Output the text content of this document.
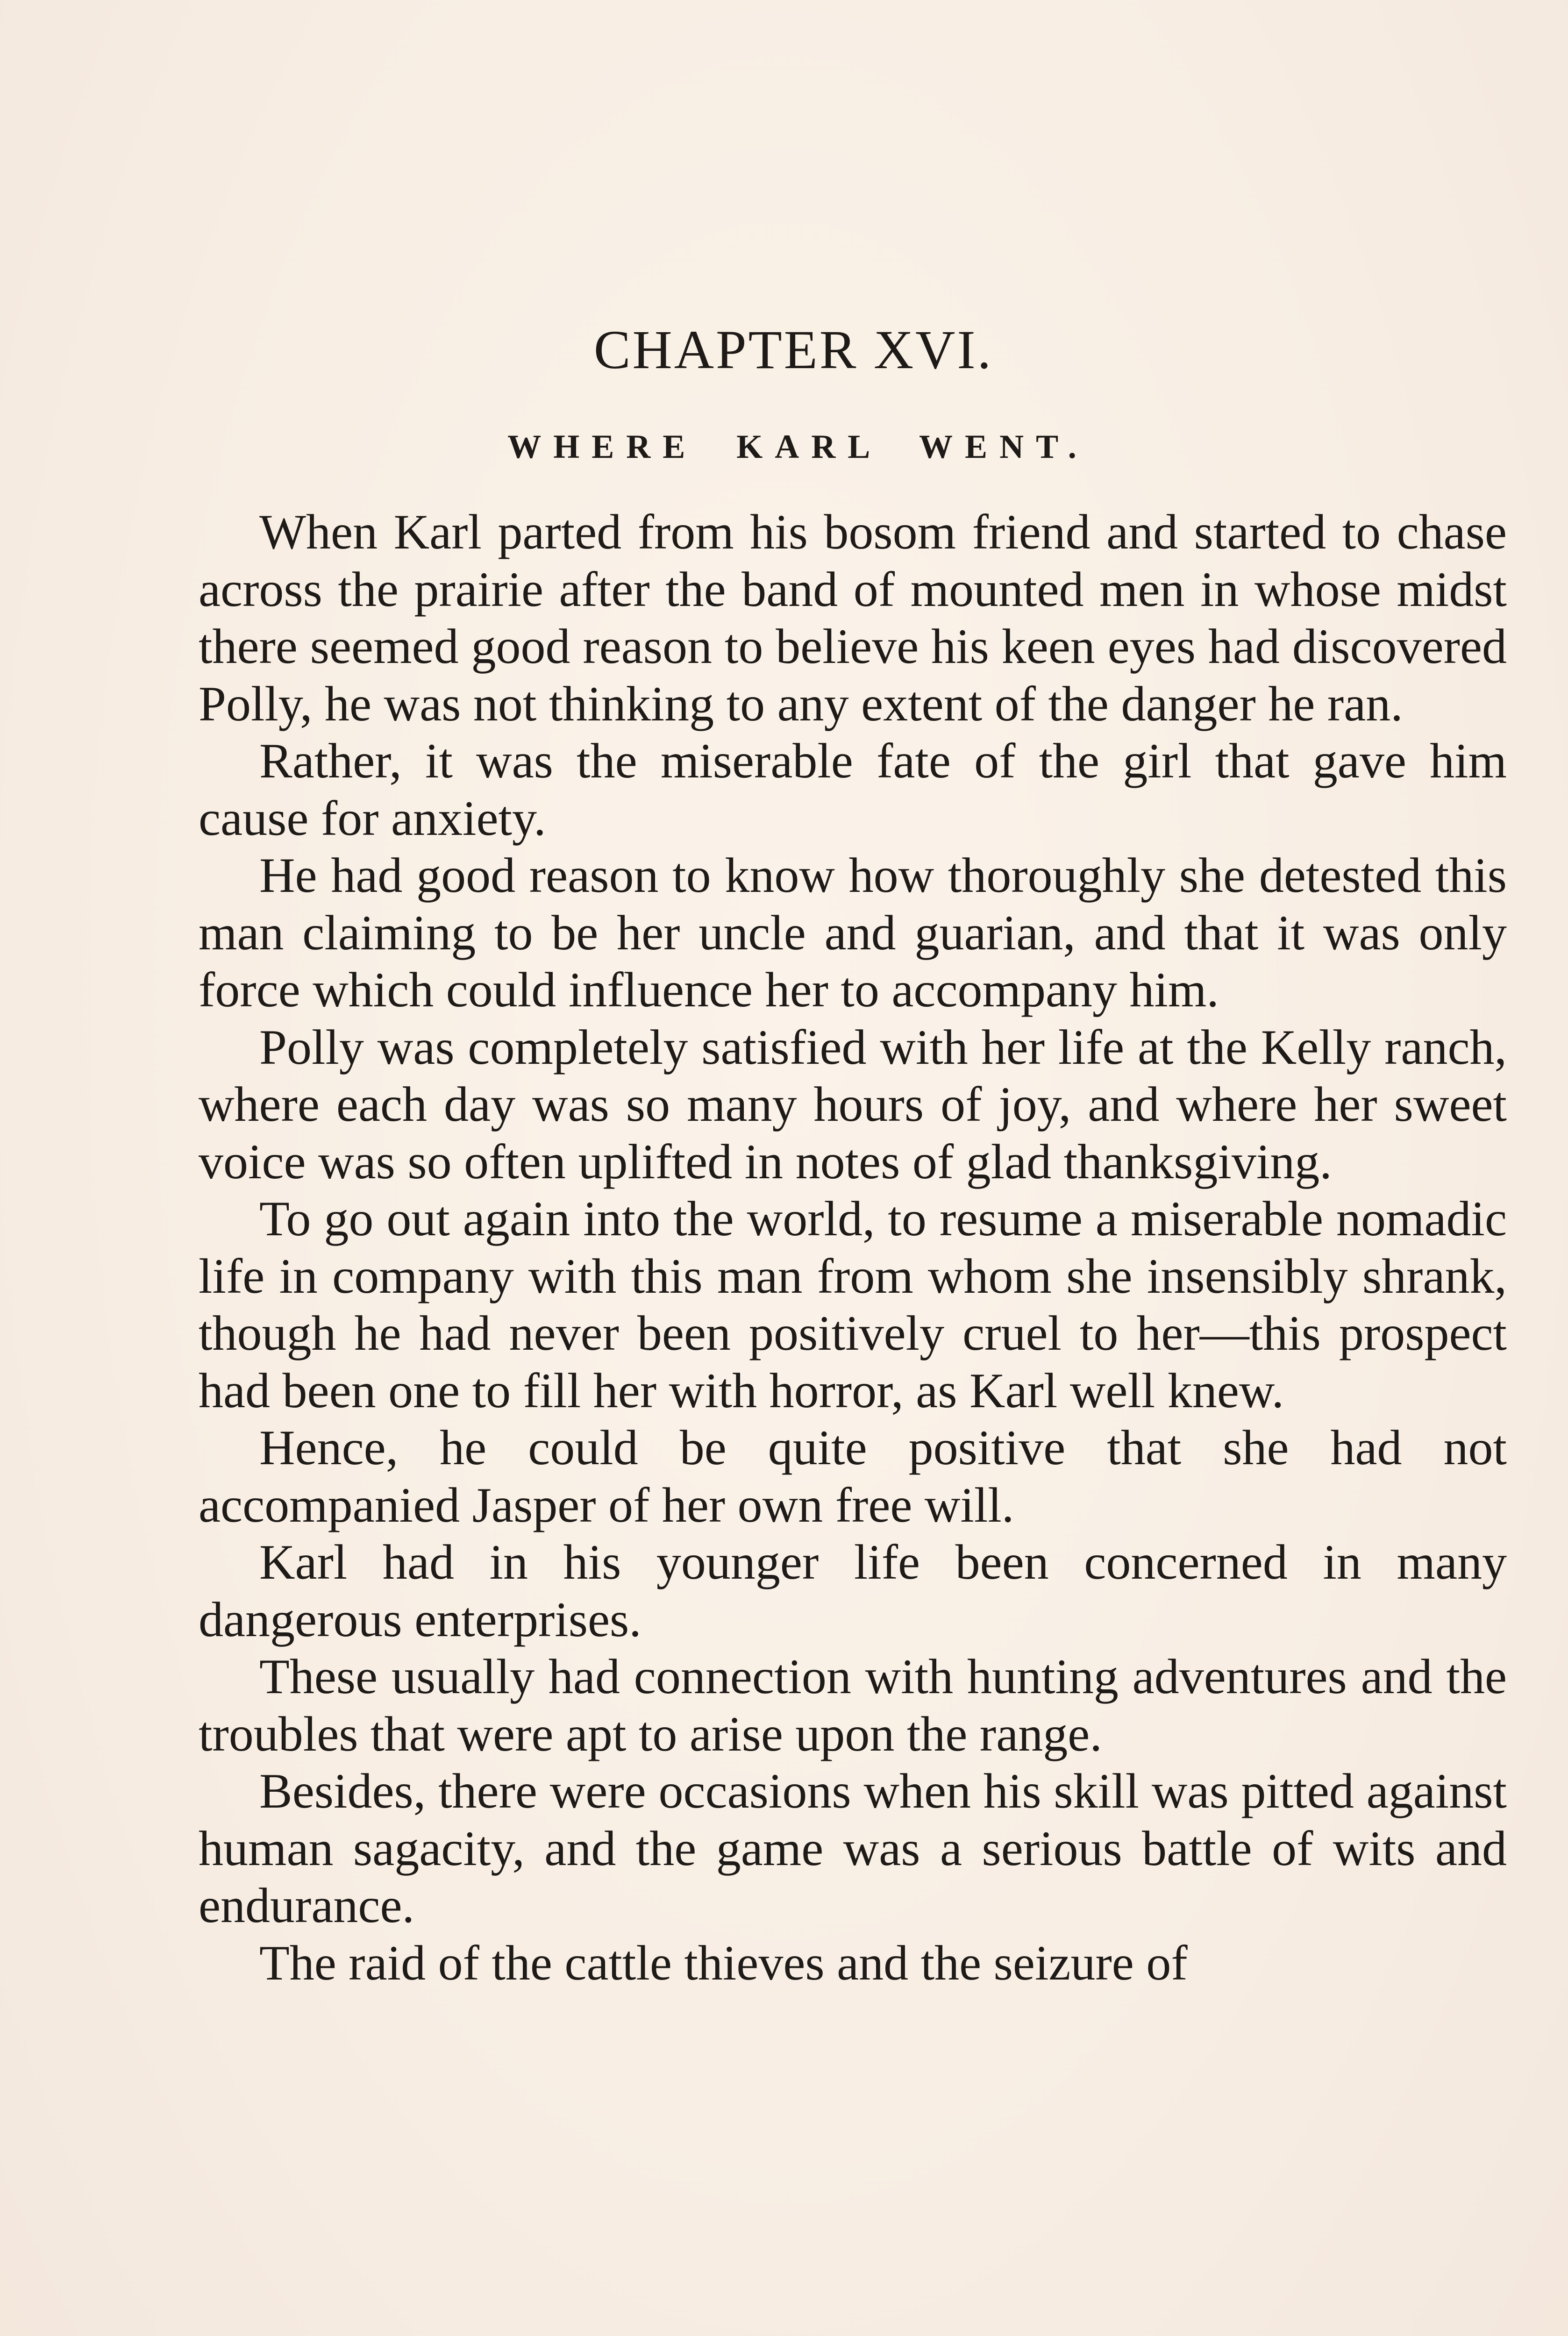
CHAPTER XVI.
WHERE KARL WENT.

When Karl parted from his bosom friend and started to chase across the prairie after the band of mounted men in whose midst there seemed good reason to believe his keen eyes had discovered Polly, he was not thinking to any extent of the danger he ran.

Rather, it was the miserable fate of the girl that gave him cause for anxiety.

He had good reason to know how thoroughly she detested this man claiming to be her uncle and guarian, and that it was only force which could influence her to accompany him.

Polly was completely satisfied with her life at the Kelly ranch, where each day was so many hours of joy, and where her sweet voice was so often uplifted in notes of glad thanksgiving.

To go out again into the world, to resume a miserable nomadic life in company with this man from whom she insensibly shrank, though he had never been positively cruel to her—this prospect had been one to fill her with horror, as Karl well knew.

Hence, he could be quite positive that she had not accompanied Jasper of her own free will.

Karl had in his younger life been concerned in many dangerous enterprises.

These usually had connection with hunting adventures and the troubles that were apt to arise upon the range.

Besides, there were occasions when his skill was pitted against human sagacity, and the game was a serious battle of wits and endurance.

The raid of the cattle thieves and the seizure of
